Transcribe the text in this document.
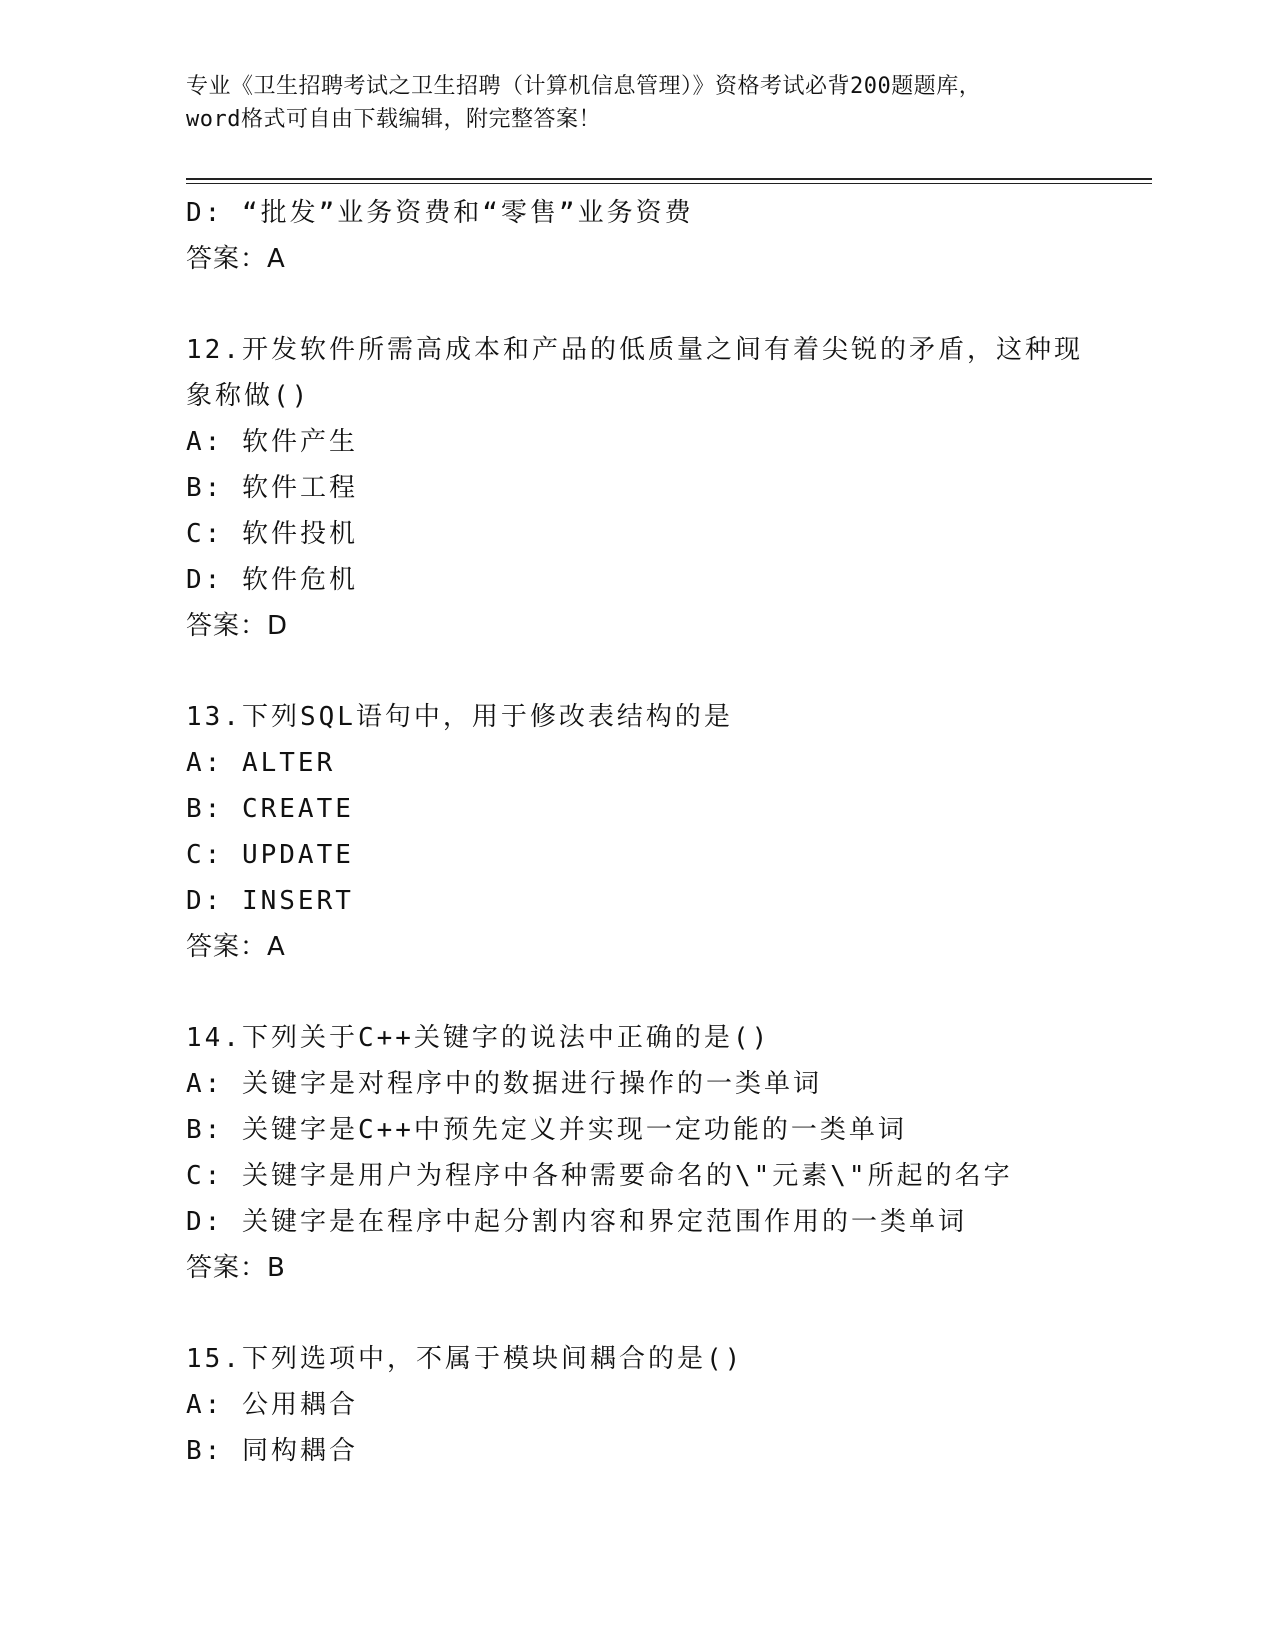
专业《卫生招聘考试之卫生招聘（计算机信息管理）》资格考试必背200题题库，

word格式可自由下载编辑，附完整答案！

D: “批发”业务资费和“零售”业务资费

答案：A

12.开发软件所需高成本和产品的低质量之间有着尖锐的矛盾，这种现

象称做()

A: 软件产生

B: 软件工程

C: 软件投机

D: 软件危机

答案：D

13.下列SQL语句中，用于修改表结构的是

A: ALTER

B: CREATE

C: UPDATE

D: INSERT

答案：A

14.下列关于C++关键字的说法中正确的是()

A: 关键字是对程序中的数据进行操作的一类单词

B: 关键字是C++中预先定义并实现一定功能的一类单词

C: 关键字是用户为程序中各种需要命名的\"元素\"所起的名字

D: 关键字是在程序中起分割内容和界定范围作用的一类单词

答案：B

15.下列选项中，不属于模块间耦合的是()

A: 公用耦合

B: 同构耦合
